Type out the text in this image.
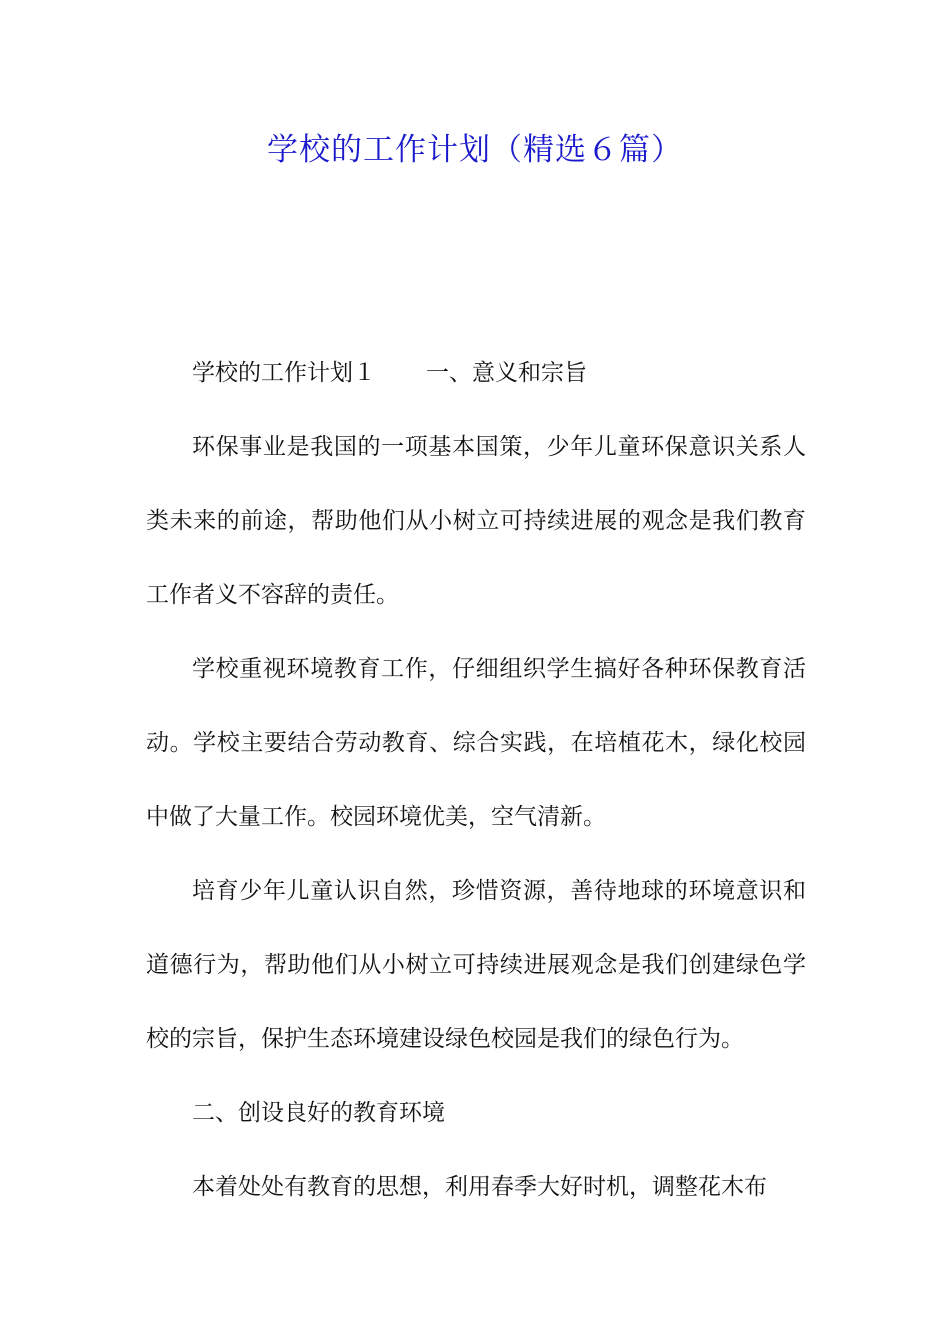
学校的工作计划（精选６篇）

学校的工作计划１ 一、意义和宗旨

环保事业是我国的一项基本国策，少年儿童环保意识关系人类未来的前途，帮助他们从小树立可持续进展的观念是我们教育工作者义不容辞的责任。

学校重视环境教育工作，仔细组织学生搞好各种环保教育活动。学校主要结合劳动教育、综合实践，在培植花木，绿化校园中做了大量工作。校园环境优美，空气清新。

培育少年儿童认识自然，珍惜资源，善待地球的环境意识和道德行为，帮助他们从小树立可持续进展观念是我们创建绿色学校的宗旨，保护生态环境建设绿色校园是我们的绿色行为。

二、创设良好的教育环境

本着处处有教育的思想，利用春季大好时机，调整花木布
